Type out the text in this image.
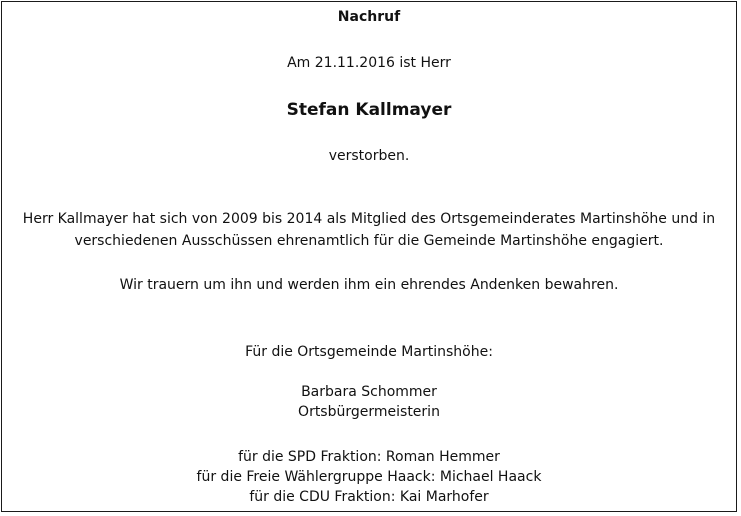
Nachruf
Am 21.11.2016 ist Herr
Stefan Kallmayer
verstorben.
Herr Kallmayer hat sich von 2009 bis 2014 als Mitglied des Ortsgemeinderates Martinshöhe und in
verschiedenen Ausschüssen ehrenamtlich für die Gemeinde Martinshöhe engagiert.
Wir trauern um ihn und werden ihm ein ehrendes Andenken bewahren.
Für die Ortsgemeinde Martinshöhe:
Barbara Schommer
Ortsbürgermeisterin
für die SPD Fraktion: Roman Hemmer
für die Freie Wählergruppe Haack: Michael Haack
für die CDU Fraktion: Kai Marhofer
